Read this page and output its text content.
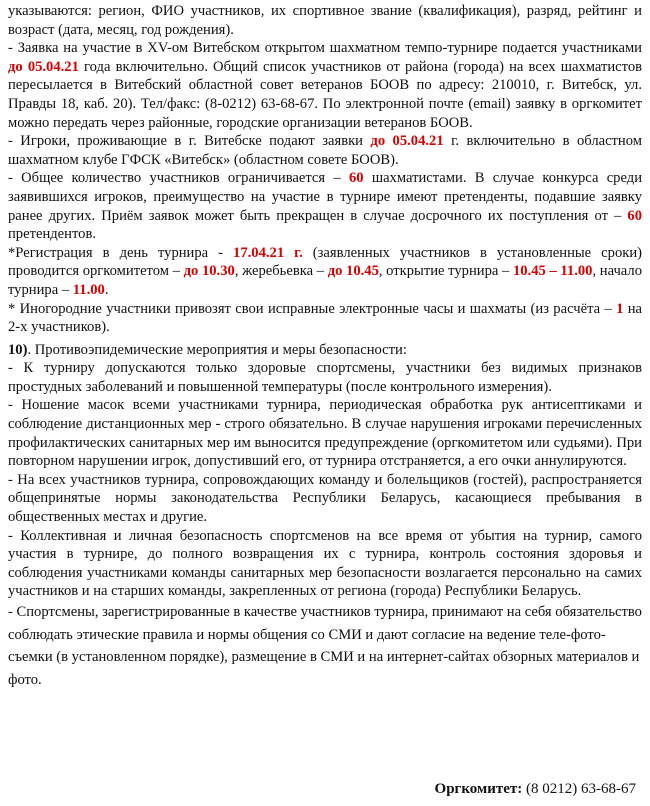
указываются: регион, ФИО участников, их спортивное звание (квалификация), разряд, рейтинг и возраст (дата, месяц, год рождения).

- Заявка на участие в XV-ом Витебском открытом шахматном темпо-турнире подается участниками до 05.04.21 года включительно. Общий список участников от района (города) на всех шахматистов пересылается в Витебский областной совет ветеранов БООВ по адресу: 210010, г. Витебск, ул. Правды 18, каб. 20). Тел/факс: (8-0212) 63-68-67. По электронной почте (email) заявку в оргкомитет можно передать через районные, городские организации ветеранов БООВ.

- Игроки, проживающие в г. Витебске подают заявки до 05.04.21 г. включительно в областном шахматном клубе ГФСК «Витебск» (областном совете БООВ).

- Общее количество участников ограничивается – 60 шахматистами. В случае конкурса среди заявившихся игроков, преимущество на участие в турнире имеют претенденты, подавшие заявку ранее других. Приём заявок может быть прекращен в случае досрочного их поступления от – 60 претендентов.

*Регистрация в день турнира - 17.04.21 г. (заявленных участников в установленные сроки) проводится оргкомитетом – до 10.30, жеребьевка – до 10.45, открытие турнира – 10.45 – 11.00, начало турнира – 11.00.

* Иногородние участники привозят свои исправные электронные часы и шахматы (из расчёта – 1 на 2-х участников).

10). Противоэпидемические мероприятия и меры безопасности:

- К турниру допускаются только здоровые спортсмены, участники без видимых признаков простудных заболеваний и повышенной температуры (после контрольного измерения).

- Ношение масок всеми участниками турнира, периодическая обработка рук антисептиками и соблюдение дистанционных мер - строго обязательно. В случае нарушения игроками перечисленных профилактических санитарных мер им выносится предупреждение (оргкомитетом или судьями). При повторном нарушении игрок, допустивший его, от турнира отстраняется, а его очки аннулируются.

- На всех участников турнира, сопровождающих команду и болельщиков (гостей), распространяется общепринятые нормы законодательства Республики Беларусь, касающиеся пребывания в общественных местах и другие.

- Коллективная и личная безопасность спортсменов на все время от убытия на турнир, самого участия в турнире, до полного возвращения их с турнира, контроль состояния здоровья и соблюдения участниками команды санитарных мер безопасности возлагается персонально на самих участников и на старших команды, закрепленных от региона (города) Республики Беларусь.

- Спортсмены, зарегистрированные в качестве участников турнира, принимают на себя обязательство соблюдать этические правила и нормы общения со СМИ и дают согласие на ведение теле-фото-съемки (в установленном порядке), размещение в СМИ и на интернет-сайтах обзорных материалов и фото.

Оргкомитет: (8 0212) 63-68-67
